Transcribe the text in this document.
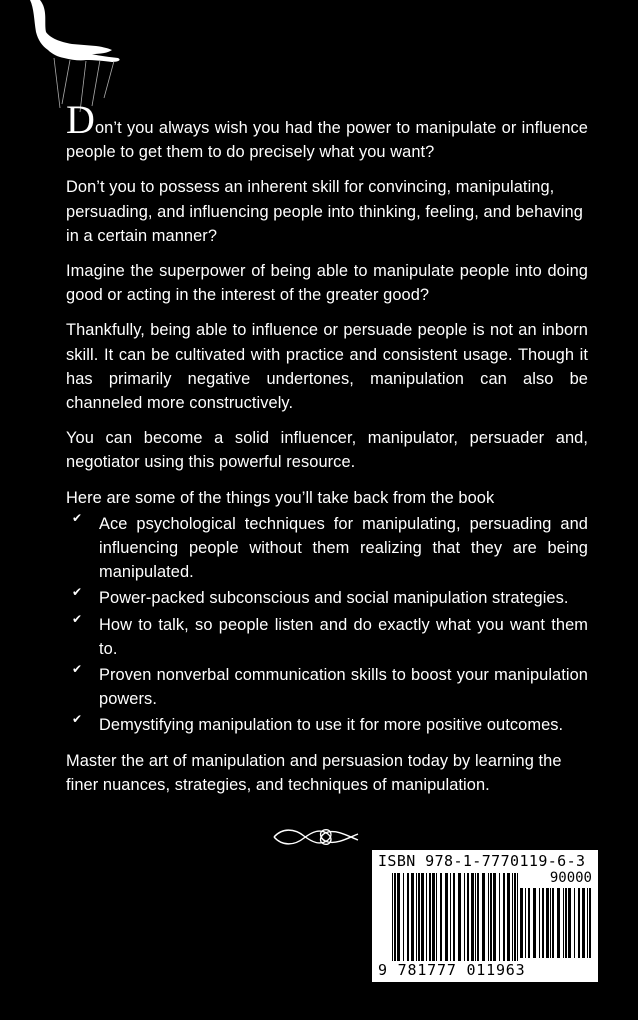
Don’t you always wish you had the power to manipulate or influence people to get them to do precisely what you want?

Don’t you to possess an inherent skill for convincing, manipulating, persuading, and influencing people into thinking, feeling, and behaving in a certain manner?

Imagine the superpower of being able to manipulate people into doing good or acting in the interest of the greater good?

Thankfully, being able to influence or persuade people is not an inborn skill. It can be cultivated with practice and consistent usage. Though it has primarily negative undertones, manipulation can also be channeled more constructively.

You can become a solid influencer, manipulator, persuader and, negotiator using this powerful resource.

Here are some of the things you’ll take back from the book

✔ Ace psychological techniques for manipulating, persuading and influencing people without them realizing that they are being manipulated.
✔ Power-packed subconscious and social manipulation strategies.
✔ How to talk, so people listen and do exactly what you want them to.
✔ Proven nonverbal communication skills to boost your manipulation powers.
✔ Demystifying manipulation to use it for more positive outcomes.

Master the art of manipulation and persuasion today by learning the finer nuances, strategies, and techniques of manipulation.

ISBN 978-1-7770119-6-3
90000
9 781777 011963
